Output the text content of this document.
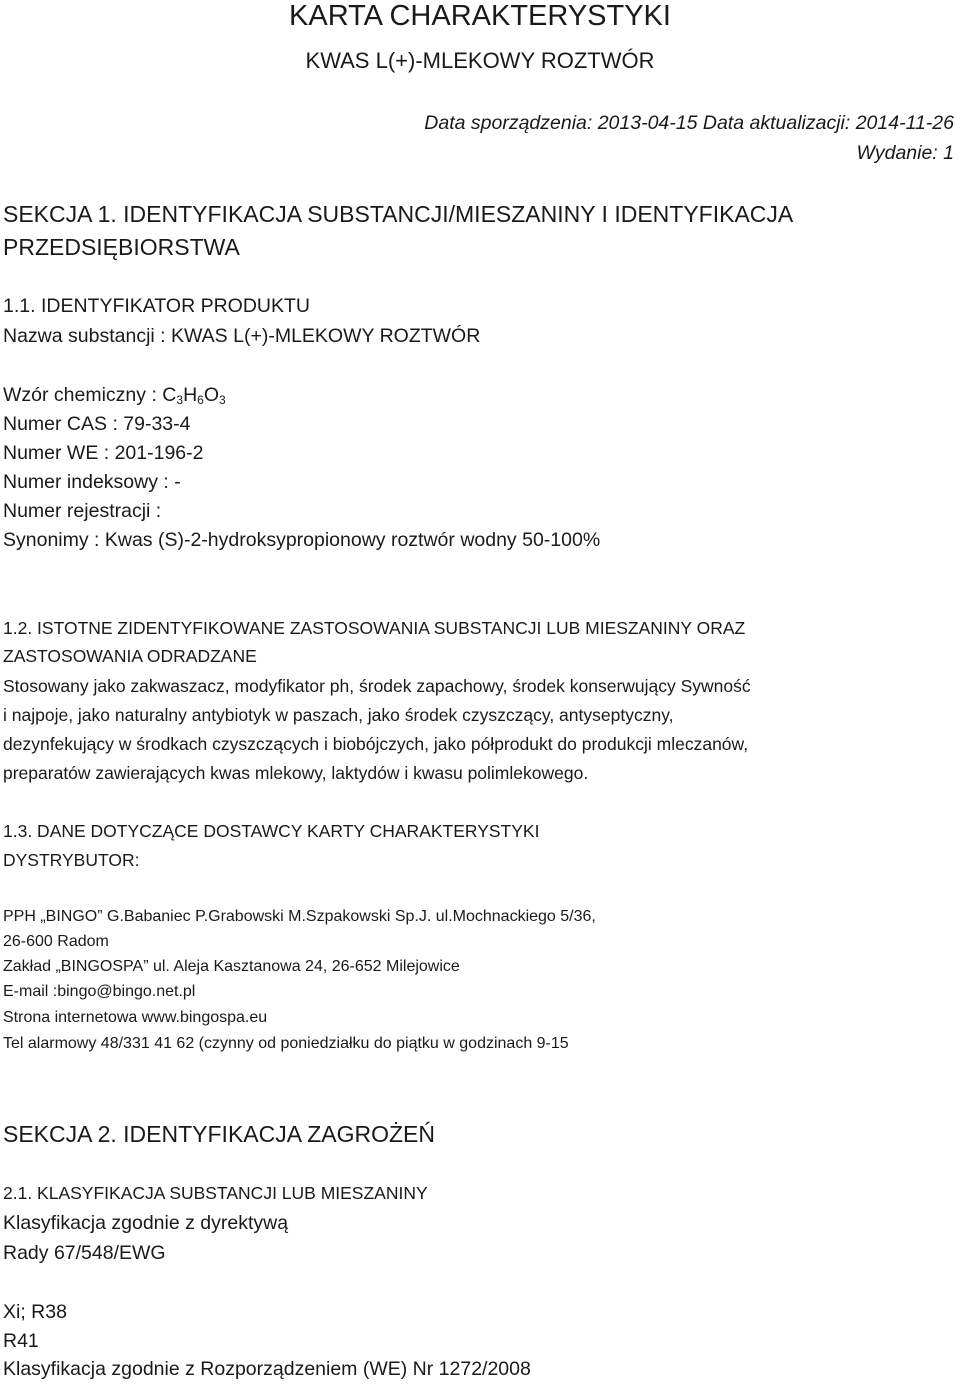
KARTA CHARAKTERYSTYKI

KWAS L(+)-MLEKOWY ROZTWÓR

Data sporządzenia: 2013-04-15 Data aktualizacji: 2014-11-26

Wydanie: 1

SEKCJA 1. IDENTYFIKACJA SUBSTANCJI/MIESZANINY I IDENTYFIKACJA

PRZEDSIĘBIORSTWA

1.1. IDENTYFIKATOR PRODUKTU

Nazwa substancji : KWAS L(+)-MLEKOWY ROZTWÓR

Wzór chemiczny : $C_3H_6O_3$

Numer CAS : 79-33-4

Numer WE : 201-196-2

Numer indeksowy : -

Numer rejestracji :

Synonimy : Kwas (S)-2-hydroksypropionowy roztwór wodny 50-100%

1.2. ISTOTNE ZIDENTYFIKOWANE ZASTOSOWANIA SUBSTANCJI LUB MIESZANINY ORAZ

ZASTOSOWANIA ODRADZANE

Stosowany jako zakwaszacz, modyfikator ph, środek zapachowy, środek konserwujący Sywność

i najpoje, jako naturalny antybiotyk w paszach, jako środek czyszczący, antyseptyczny,

dezynfekujący w środkach czyszczących i biobójczych, jako półprodukt do produkcji mleczanów,

preparatów zawierających kwas mlekowy, laktydów i kwasu polimlekowego.

1.3. DANE DOTYCZĄCE DOSTAWCY KARTY CHARAKTERYSTYKI

DYSTRYBUTOR:

PPH „BINGO” G.Babaniec P.Grabowski M.Szpakowski Sp.J. ul.Mochnackiego 5/36,

26-600 Radom

Zakład „BINGOSPA” ul. Aleja Kasztanowa 24, 26-652 Milejowice

E-mail :bingo@bingo.net.pl

Strona internetowa www.bingospa.eu

Tel alarmowy 48/331 41 62 (czynny od poniedziałku do piątku w godzinach 9-15

SEKCJA 2. IDENTYFIKACJA ZAGROŻEŃ

2.1. KLASYFIKACJA SUBSTANCJI LUB MIESZANINY

Klasyfikacja zgodnie z dyrektywą

Rady 67/548/EWG

Xi; R38

R41

Klasyfikacja zgodnie z Rozporządzeniem (WE) Nr 1272/2008
